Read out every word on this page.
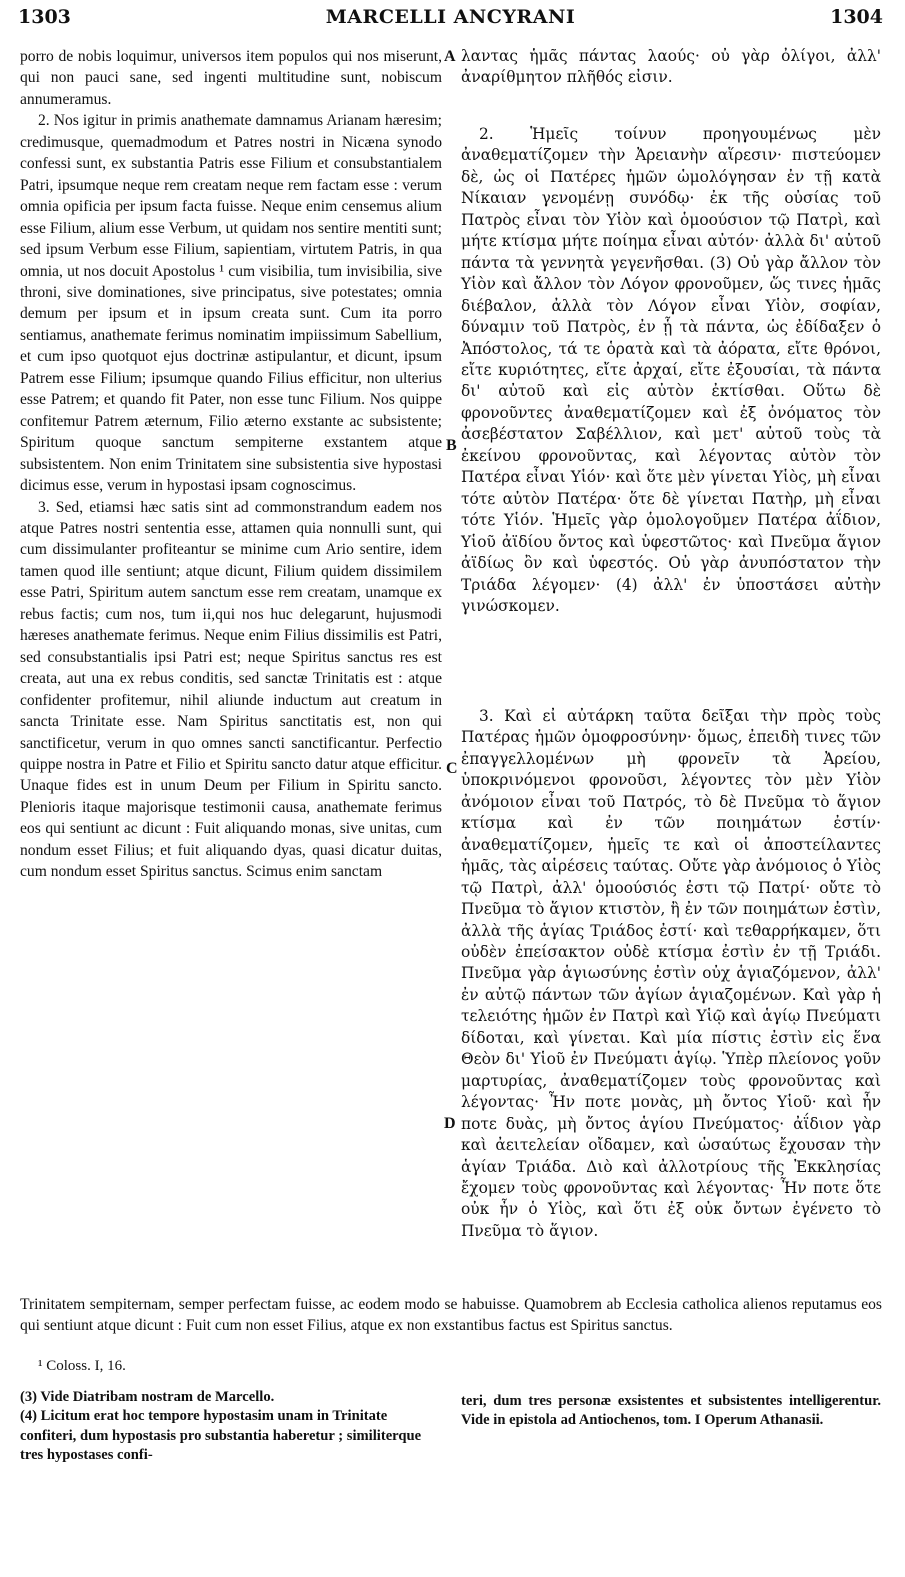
1303	MARCELLI ANCYRANI	1304

porro de nobis loquimur, universos item populos qui nos miserunt, qui non pauci sane, sed ingenti multitudine sunt, nobiscum annumeramus.

2. Nos igitur in primis anathemate damnamus Arianam hæresim; credimusque, quemadmodum et Patres nostri in Nicæna synodo confessi sunt, ex substantia Patris esse Filium et consubstantialem Patri, ipsumque neque rem creatam neque rem factam esse : verum omnia opificia per ipsum facta fuisse. Neque enim censemus alium esse Filium, alium esse Verbum, ut quidam nos sentire mentiti sunt; sed ipsum Verbum esse Filium, sapientiam, virtutem Patris, in qua omnia, ut nos docuit Apostolus ¹ cum visibilia, tum invisibilia, sive throni, sive dominationes, sive principatus, sive potestates; omnia demum per ipsum et in ipsum creata sunt. Cum ita porro sentiamus, anathemate ferimus nominatim impiissimum Sabellium, et cum ipso quotquot ejus doctrinæ astipulantur, et dicunt, ipsum Patrem esse Filium; ipsumque quando Filius efficitur, non ulterius esse Patrem; et quando fit Pater, non esse tunc Filium. Nos quippe confitemur Patrem æternum, Filio æterno exstante ac subsistente; Spiritum quoque sanctum sempiterne exstantem atque subsistentem. Non enim Trinitatem sine subsistentia sive hypostasi dicimus esse, verum in hypostasi ipsam cognoscimus.

3. Sed, etiamsi hæc satis sint ad commonstrandum eadem nos atque Patres nostri sententia esse, attamen quia nonnulli sunt, qui cum dissimulanter profiteantur se minime cum Ario sentire, idem tamen quod ille sentiunt; atque dicunt, Filium quidem dissimilem esse Patri, Spiritum autem sanctum esse rem creatam, unamque ex rebus factis; cum nos, tum ii,qui nos huc delegarunt, hujusmodi hæreses anathemate ferimus. Neque enim Filius dissimilis est Patri, sed consubstantialis ipsi Patri est; neque Spiritus sanctus res est creata, aut una ex rebus conditis, sed sanctæ Trinitatis est : atque confidenter profitemur, nihil aliunde inductum aut creatum in sancta Trinitate esse. Nam Spiritus sanctitatis est, non qui sanctificetur, verum in quo omnes sancti sanctificantur. Perfectio quippe nostra in Patre et Filio et Spiritu sancto datur atque efficitur. Unaque fides est in unum Deum per Filium in Spiritu sancto. Plenioris itaque majorisque testimonii causa, anathemate ferimus eos qui sentiunt ac dicunt : Fuit aliquando monas, sive unitas, cum nondum esset Filius; et fuit aliquando dyas, quasi dicatur duitas, cum nondum esset Spiritus sanctus. Scimus enim sanctam

A
B
C
D

λαντας ἡμᾶς πάντας λαούς· οὐ γὰρ ὀλίγοι, ἀλλ' ἀναρίθμητον πλῆθός εἰσιν.

2. Ἡμεῖς τοίνυν προηγουμένως μὲν ἀναθεματίζομεν τὴν Ἀρειανὴν αἵρεσιν· πιστεύομεν δὲ, ὡς οἱ Πατέρες ἡμῶν ὡμολόγησαν ἐν τῇ κατὰ Νίκαιαν γενομένῃ συνόδῳ· ἐκ τῆς οὐσίας τοῦ Πατρὸς εἶναι τὸν Υἱὸν καὶ ὁμοούσιον τῷ Πατρὶ, καὶ μήτε κτίσμα μήτε ποίημα εἶναι αὐτόν· ἀλλὰ δι' αὐτοῦ πάντα τὰ γεννητὰ γεγενῆσθαι. (3) Οὐ γὰρ ἄλλον τὸν Υἱὸν καὶ ἄλλον τὸν Λόγον φρονοῦμεν, ὥς τινες ἡμᾶς διέβαλον, ἀλλὰ τὸν Λόγον εἶναι Υἱὸν, σοφίαν, δύναμιν τοῦ Πατρὸς, ἐν ᾗ τὰ πάντα, ὡς ἐδίδαξεν ὁ Ἀπόστολος, τά τε ὁρατὰ καὶ τὰ ἀόρατα, εἴτε θρόνοι, εἴτε κυριότητες, εἴτε ἀρχαί, εἴτε ἐξουσίαι, τὰ πάντα δι' αὐτοῦ καὶ εἰς αὐτὸν ἐκτίσθαι. Οὕτω δὲ φρονοῦντες ἀναθεματίζομεν καὶ ἐξ ὀνόματος τὸν ἀσεβέστατον Σαβέλλιον, καὶ μετ' αὐτοῦ τοὺς τὰ ἐκείνου φρονοῦντας, καὶ λέγοντας αὐτὸν τὸν Πατέρα εἶναι Υἱόν· καὶ ὅτε μὲν γίνεται Υἱὸς, μὴ εἶναι τότε αὐτὸν Πατέρα· ὅτε δὲ γίνεται Πατὴρ, μὴ εἶναι τότε Υἱόν. Ἡμεῖς γὰρ ὁμολογοῦμεν Πατέρα ἀΐδιον, Υἱοῦ ἀϊδίου ὄντος καὶ ὑφεστῶτος· καὶ Πνεῦμα ἅγιον ἀϊδίως ὂν καὶ ὑφεστός. Οὐ γὰρ ἀνυπόστατον τὴν Τριάδα λέγομεν· (4) ἀλλ' ἐν ὑποστάσει αὐτὴν γινώσκομεν.

3. Καὶ εἰ αὐτάρκη ταῦτα δεῖξαι τὴν πρὸς τοὺς Πατέρας ἡμῶν ὁμοφροσύνην· ὅμως, ἐπειδὴ τινες τῶν ἐπαγγελλομένων μὴ φρονεῖν τὰ Ἀρείου, ὑποκρινόμενοι φρονοῦσι, λέγοντες τὸν μὲν Υἱὸν ἀνόμοιον εἶναι τοῦ Πατρός, τὸ δὲ Πνεῦμα τὸ ἅγιον κτίσμα καὶ ἐν τῶν ποιημάτων ἐστίν· ἀναθεματίζομεν, ἡμεῖς τε καὶ οἱ ἀποστείλαντες ἡμᾶς, τὰς αἱρέσεις ταύτας. Οὔτε γὰρ ἀνόμοιος ὁ Υἱὸς τῷ Πατρὶ, ἀλλ' ὁμοούσιός ἐστι τῷ Πατρί· οὔτε τὸ Πνεῦμα τὸ ἅγιον κτιστὸν, ἢ ἐν τῶν ποιημάτων ἐστὶν, ἀλλὰ τῆς ἁγίας Τριάδος ἐστί· καὶ τεθαρρήκαμεν, ὅτι οὐδὲν ἐπείσακτον οὐδὲ κτίσμα ἐστὶν ἐν τῇ Τριάδι. Πνεῦμα γὰρ ἁγιωσύνης ἐστὶν οὐχ ἁγιαζόμενον, ἀλλ' ἐν αὐτῷ πάντων τῶν ἁγίων ἁγιαζομένων. Καὶ γὰρ ἡ τελειότης ἡμῶν ἐν Πατρὶ καὶ Υἱῷ καὶ ἁγίῳ Πνεύματι δίδοται, καὶ γίνεται. Καὶ μία πίστις ἐστὶν εἰς ἕνα Θεὸν δι' Υἱοῦ ἐν Πνεύματι ἁγίῳ. Ὑπὲρ πλείονος γοῦν μαρτυρίας, ἀναθεματίζομεν τοὺς φρονοῦντας καὶ λέγοντας· Ἦν ποτε μονὰς, μὴ ὄντος Υἱοῦ· καὶ ἦν ποτε δυὰς, μὴ ὄντος ἁγίου Πνεύματος· ἀΐδιον γὰρ καὶ ἀειτελείαν οἴδαμεν, καὶ ὡσαύτως ἔχουσαν τὴν ἁγίαν Τριάδα. Διὸ καὶ ἀλλοτρίους τῆς Ἐκκλησίας ἔχομεν τοὺς φρονοῦντας καὶ λέγοντας· Ἦν ποτε ὅτε οὐκ ἦν ὁ Υἱὸς, καὶ ὅτι ἐξ οὐκ ὄντων ἐγένετο τὸ Πνεῦμα τὸ ἅγιον.

Trinitatem sempiternam, semper perfectam fuisse, ac eodem modo se habuisse. Quamobrem ab Ecclesia catholica alienos reputamus eos qui sentiunt atque dicunt : Fuit cum non esset Filius, atque ex non exstantibus factus est Spiritus sanctus.

¹ Coloss. I, 16.

(3) Vide Diatribam nostram de Marcello.

(4) Licitum erat hoc tempore hypostasim unam in Trinitate confiteri, dum hypostasis pro substantia haberetur ; similiterque tres hypostases confi-

teri, dum tres personæ exsistentes et subsistentes intelligerentur. Vide in epistola ad Antiochenos, tom. I Operum Athanasii.
